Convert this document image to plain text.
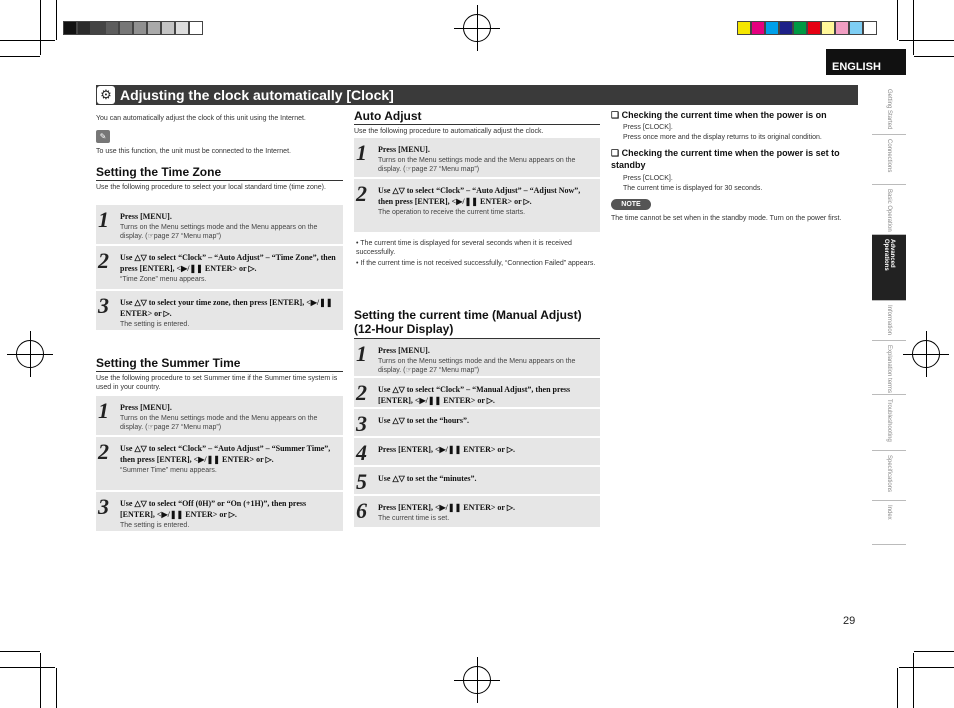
ENGLISH
⚙ Adjusting the clock automatically [Clock]
You can automatically adjust the clock of this unit using the Internet.
✎
To use this function, the unit must be connected to the Internet.
Setting the Time Zone
Use the following procedure to select your local standard time (time zone).
1 Press [MENU].
Turns on the Menu settings mode and the Menu appears on the display. (☞page 27 “Menu map”)
2 Use △▽ to select “Clock” – “Auto Adjust” – “Time Zone”, then press [ENTER], <▶/❚❚ ENTER> or ▷.
“Time Zone” menu appears.
3 Use △▽ to select your time zone, then press [ENTER], <▶/❚❚ ENTER> or ▷.
The setting is entered.
Setting the Summer Time
Use the following procedure to set Summer time if the Summer time system is used in your country.
1 Press [MENU].
Turns on the Menu settings mode and the Menu appears on the display. (☞page 27 “Menu map”)
2 Use △▽ to select “Clock” – “Auto Adjust” – “Summer Time”, then press [ENTER], <▶/❚❚ ENTER> or ▷.
“Summer Time” menu appears.
3 Use △▽ to select “Off (0H)” or “On (+1H)”, then press [ENTER], <▶/❚❚ ENTER> or ▷.
The setting is entered.
Auto Adjust
Use the following procedure to automatically adjust the clock.
1 Press [MENU].
Turns on the Menu settings mode and the Menu appears on the display. (☞page 27 “Menu map”)
2 Use △▽ to select “Clock” – “Auto Adjust” – “Adjust Now”, then press [ENTER], <▶/❚❚ ENTER> or ▷.
The operation to receive the current time starts.
• The current time is displayed for several seconds when it is received successfully.
• If the current time is not received successfully, “Connection Failed” appears.
Setting the current time (Manual Adjust) (12-Hour Display)
1 Press [MENU].
Turns on the Menu settings mode and the Menu appears on the display. (☞page 27 “Menu map”)
2 Use △▽ to select “Clock” – “Manual Adjust”, then press [ENTER], <▶/❚❚ ENTER> or ▷.
3 Use △▽ to set the “hours”.
4 Press [ENTER], <▶/❚❚ ENTER> or ▷.
5 Use △▽ to set the “minutes”.
6 Press [ENTER], <▶/❚❚ ENTER> or ▷.
The current time is set.
❑ Checking the current time when the power is on
Press [CLOCK].
Press once more and the display returns to its original condition.
❑ Checking the current time when the power is set to standby
Press [CLOCK].
The current time is displayed for 30 seconds.
NOTE
The time cannot be set when in the standby mode. Turn on the power first.
Getting Started
Connections
Basic Operation
Advanced Operations
Information
Explanation terms
Troubleshooting
Specifications
Index
29
